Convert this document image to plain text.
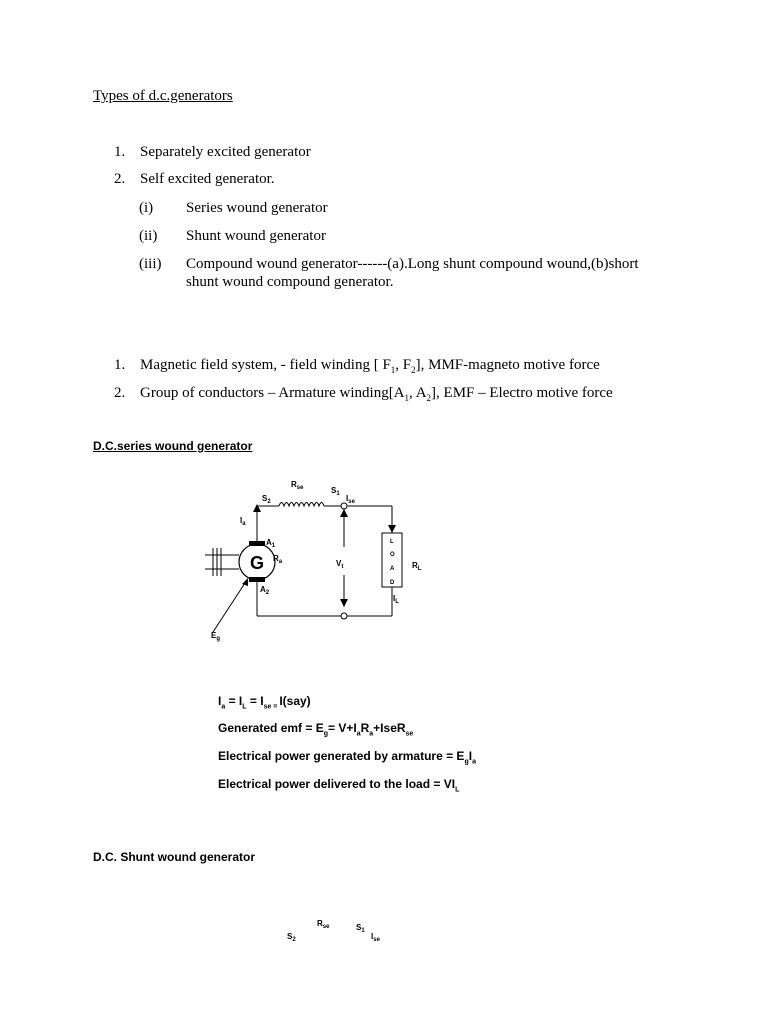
Types of d.c.generators
1. Separately excited generator
2. Self excited generator.
(i) Series wound generator
(ii) Shunt wound generator
(iii) Compound wound generator------(a).Long shunt compound wound,(b)short
shunt wound compound generator.
1. Magnetic field system, - field winding [ $F_1$, $F_2$], MMF-magneto motive force
2. Group of conductors – Armature $winding[A_1$, $A_2$], EMF – Electro motive force
D.C.series wound generator
$R_{se}$	$S_1$
$S_2$	$I_{se}$
$I_a$
$A_1$
$R_a$
$A_2$
G	$V_t$
L
O
A
D
$R_L$
$I_L$
$E_g$
$I_a = I_L = I_{se =}$ I(say)
Generated emf = $E_g=$ $V+I_aR_a+IseR_{se}$
Electrical power generated by armature = $E_gI_a$
Electrical power delivered to the load = $VI_L$
D.C. Shunt wound generator
$R_{se}$	$S_1$
$S_2$	$I_{se}$
